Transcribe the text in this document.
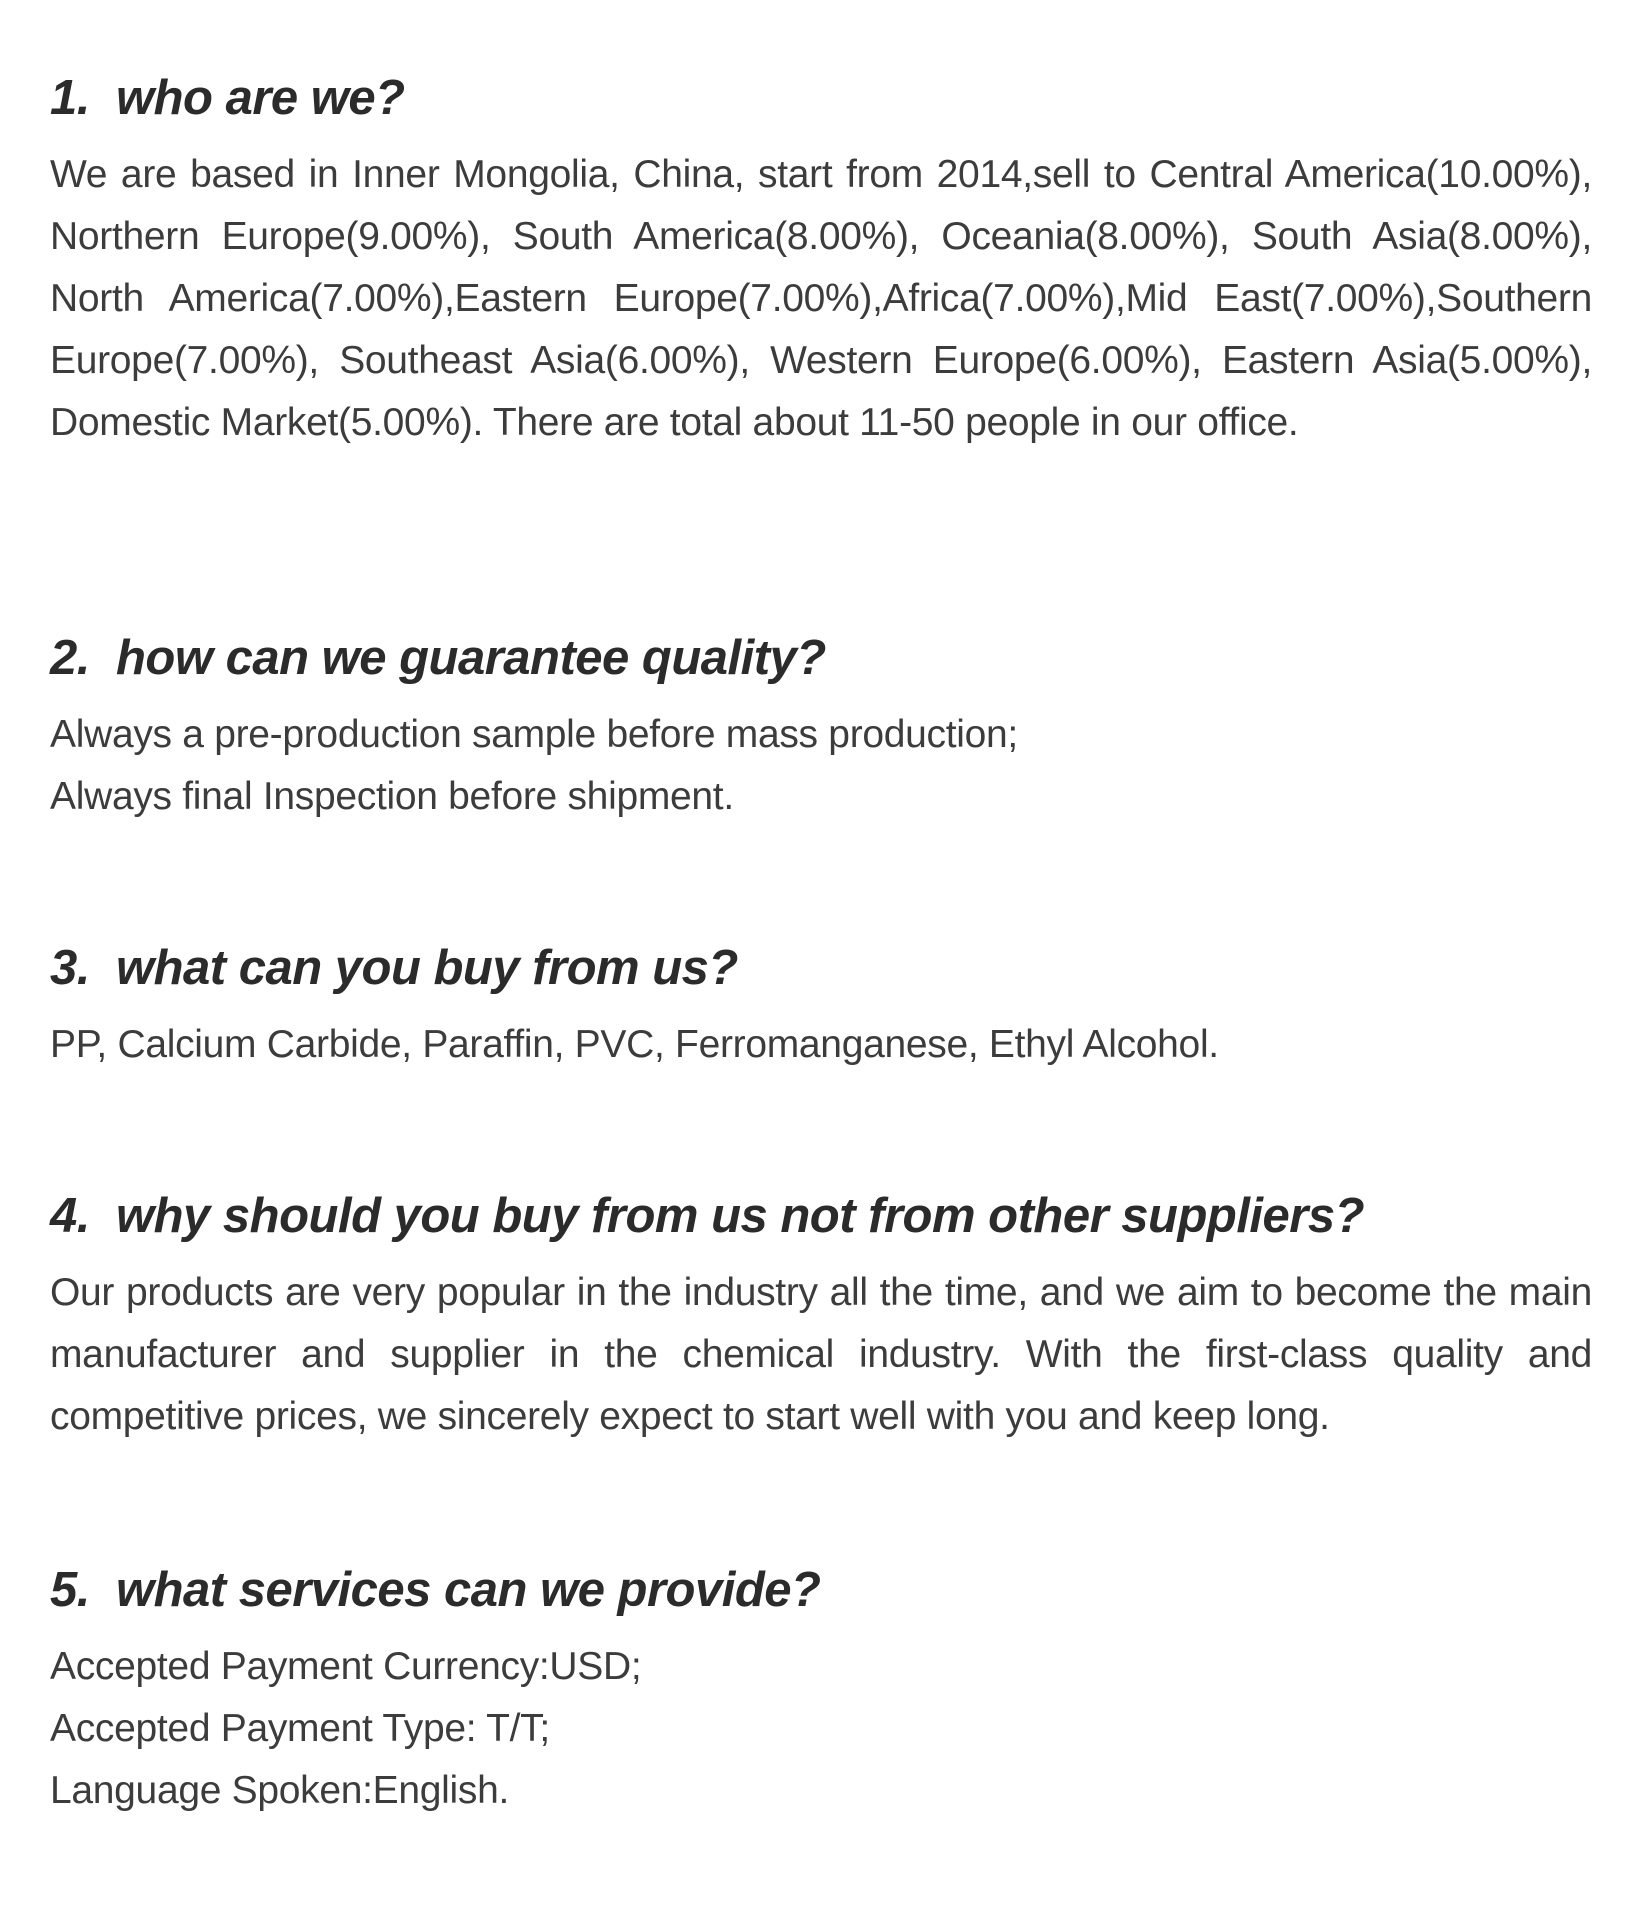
1. who are we?

We are based in Inner Mongolia, China, start from 2014,sell to Central America(10.00%), Northern Europe(9.00%), South America(8.00%), Oceania(8.00%), South Asia(8.00%), North America(7.00%),Eastern Europe(7.00%),Africa(7.00%),Mid East(7.00%),Southern Europe(7.00%), Southeast Asia(6.00%), Western Europe(6.00%), Eastern Asia(5.00%), Domestic Market(5.00%). There are total about 11-50 people in our office.

2. how can we guarantee quality?

Always a pre-production sample before mass production;
Always final Inspection before shipment.

3. what can you buy from us?

PP, Calcium Carbide, Paraffin, PVC, Ferromanganese, Ethyl Alcohol.

4. why should you buy from us not from other suppliers?

Our products are very popular in the industry all the time, and we aim to become the main manufacturer and supplier in the chemical industry. With the first-class quality and competitive prices, we sincerely expect to start well with you and keep long.

5. what services can we provide?

Accepted Payment Currency:USD;
Accepted Payment Type: T/T;
Language Spoken:English.
